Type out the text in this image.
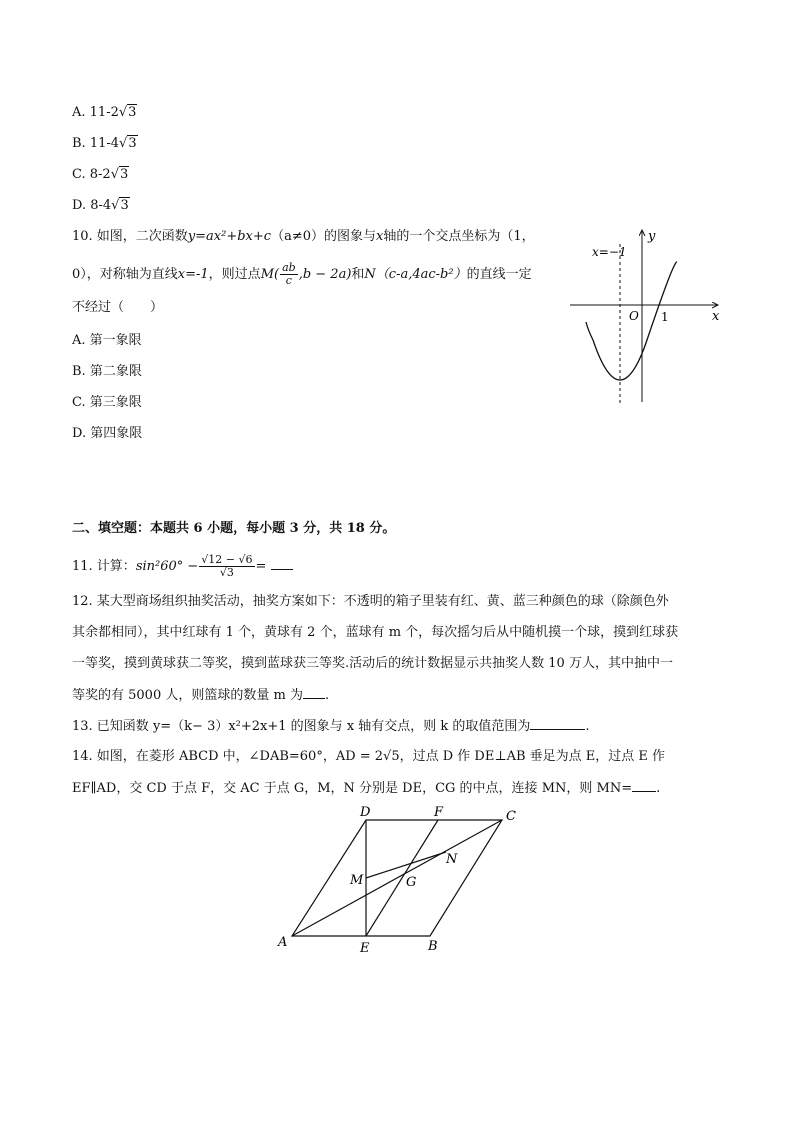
A. 11-2√3
B. 11-4√3
C. 8-2√3
D. 8-4√3
10. 如图，二次函数y=ax²+bx+c（a≠0）的图象与x轴的一个交点坐标为（1，
0），对称轴为直线x=-1，则过点$M( \frac{ab}{c} ,b - 2a)$和N（c-a,4ac-b²）的直线一定
不经过（　　）
A. 第一象限
B. 第二象限
C. 第三象限
D. 第四象限
x=−1
y
x
O 1
二、填空题：本题共 6 小题，每小题 3 分，共 18 分。
11. 计算：$\sin^260^\circ - \frac{√12 - √6}{√3}$ =
12. 某大型商场组织抽奖活动，抽奖方案如下：不透明的箱子里装有红、黄、蓝三种颜色的球（除颜色外
其余都相同），其中红球有 1 个，黄球有 2 个，蓝球有 m 个，每次摇匀后从中随机摸一个球，摸到红球获
一等奖，摸到黄球获二等奖，摸到蓝球获三等奖.活动后的统计数据显示共抽奖人数 10 万人，其中抽中一
等奖的有 5000 人，则篮球的数量 m 为 .
13. 已知函数 y=（k− 3）x²+2x+1 的图象与 x 轴有交点，则 k 的取值范围为	.
14. 如图，在菱形 ABCD 中，∠DAB=60°，AD = 2√5，过点 D 作 DE⊥AB 垂足为点 E，过点 E 作
EF∥AD，交 CD 于点 F，交 AC 于点 G，M，N 分别是 DE，CG 的中点，连接 MN，则 MN= .
A	B
C
D
E
F
G
M
N
